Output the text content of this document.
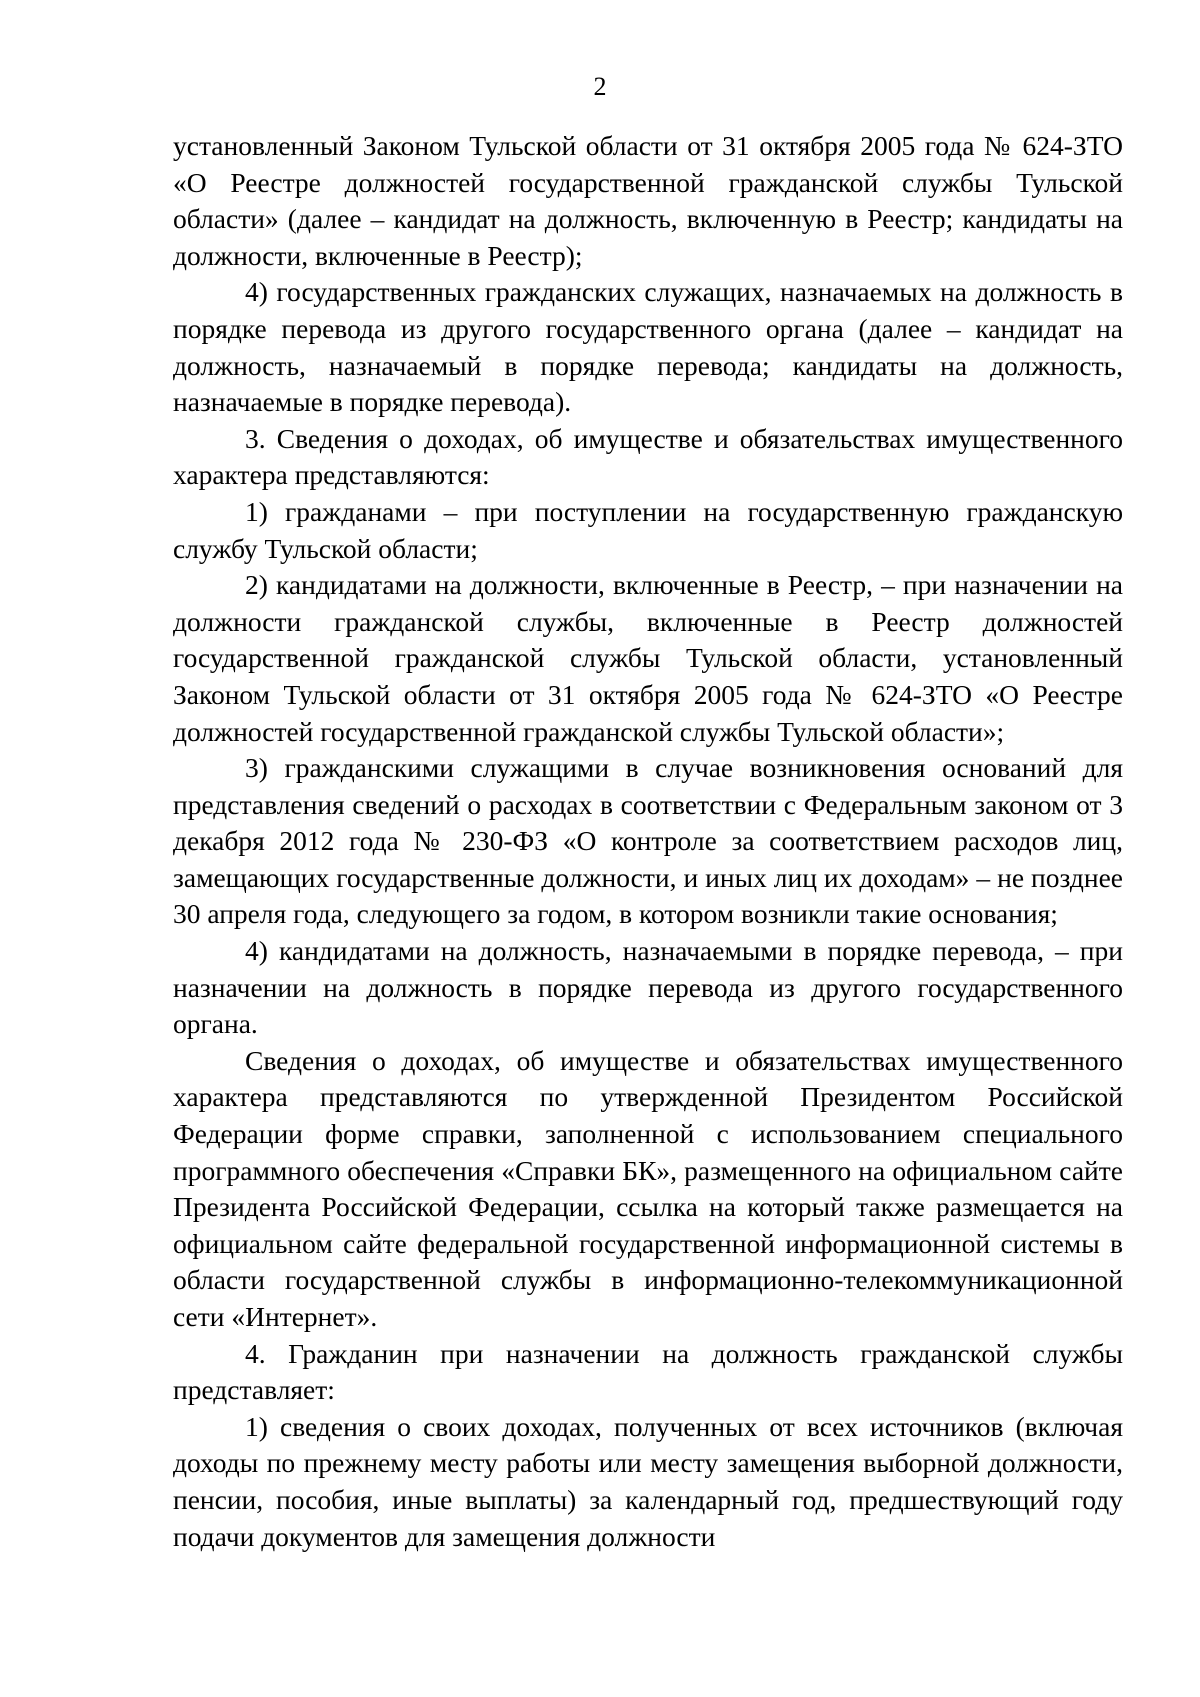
2

установленный Законом Тульской области от 31 октября 2005 года № 624-ЗТО «О Реестре должностей государственной гражданской службы Тульской области» (далее – кандидат на должность, включенную в Реестр; кандидаты на должности, включенные в Реестр);

4) государственных гражданских служащих, назначаемых на должность в порядке перевода из другого государственного органа (далее – кандидат на должность, назначаемый в порядке перевода; кандидаты на должность, назначаемые в порядке перевода).

3. Сведения о доходах, об имуществе и обязательствах имущественного характера представляются:

1) гражданами – при поступлении на государственную гражданскую службу Тульской области;

2) кандидатами на должности, включенные в Реестр, – при назначении на должности гражданской службы, включенные в Реестр должностей государственной гражданской службы Тульской области, установленный Законом Тульской области от 31 октября 2005 года № 624-ЗТО «О Реестре должностей государственной гражданской службы Тульской области»;

3) гражданскими служащими в случае возникновения оснований для представления сведений о расходах в соответствии с Федеральным законом от 3 декабря 2012 года № 230-ФЗ «О контроле за соответствием расходов лиц, замещающих государственные должности, и иных лиц их доходам» – не позднее 30 апреля года, следующего за годом, в котором возникли такие основания;

4) кандидатами на должность, назначаемыми в порядке перевода, – при назначении на должность в порядке перевода из другого государственного органа.

Сведения о доходах, об имуществе и обязательствах имущественного характера представляются по утвержденной Президентом Российской Федерации форме справки, заполненной с использованием специального программного обеспечения «Справки БК», размещенного на официальном сайте Президента Российской Федерации, ссылка на который также размещается на официальном сайте федеральной государственной информационной системы в области государственной службы в информационно-телекоммуникационной сети «Интернет».

4. Гражданин при назначении на должность гражданской службы представляет:

1) сведения о своих доходах, полученных от всех источников (включая доходы по прежнему месту работы или месту замещения выборной должности, пенсии, пособия, иные выплаты) за календарный год, предшествующий году подачи документов для замещения должности
